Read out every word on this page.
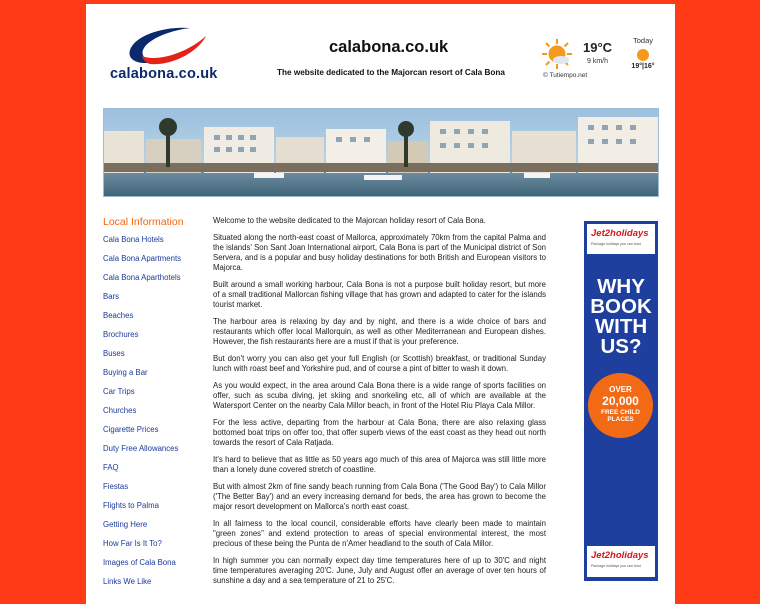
calabona.co.uk
calabona.co.uk
The website dedicated to the Majorcan resort of Cala Bona
19°C
9 km/h
© Tutiempo.net
Today
19°|16°
Local Information
Cala Bona Hotels
Cala Bona Apartments
Cala Bona Aparthotels
Bars
Beaches
Brochures
Buses
Buying a Bar
Car Trips
Churches
Cigarette Prices
Duty Free Allowances
FAQ
Fiestas
Flights to Palma
Getting Here
How Far Is It To?
Images of Cala Bona
Links We Like

Welcome to the website dedicated to the Majorcan holiday resort of Cala Bona.

Situated along the north-east coast of Mallorca, approximately 70km from the capital Palma and the islands' Son Sant Joan International airport, Cala Bona is part of the Municipal district of Son Servera, and is a popular and busy holiday destinations for both British and European visitors to Majorca.

Built around a small working harbour, Cala Bona is not a purpose built holiday resort, but more of a small traditional Mallorcan fishing village that has grown and adapted to cater for the islands tourist market.

The harbour area is relaxing by day and by night, and there is a wide choice of bars and restaurants which offer local Mallorquin, as well as other Mediterranean and European dishes. However, the fish restaurants here are a must if that is your preference.

But don't worry you can also get your full English (or Scottish) breakfast, or traditional Sunday lunch with roast beef and Yorkshire pud, and of course a pint of bitter to wash it down.

As you would expect, in the area around Cala Bona there is a wide range of sports facilities on offer, such as scuba diving, jet skiing and snorkeling etc, all of which are available at the Watersport Center on the nearby Cala Millor beach, in front of the Hotel Riu Playa Cala Millor.

For the less active, departing from the harbour at Cala Bona, there are also relaxing glass bottomed boat trips on offer too, that offer superb views of the east coast as they head out north towards the resort of Cala Ratjada.

It's hard to believe that as little as 50 years ago much of this area of Majorca was still little more than a lonely dune covered stretch of coastline.

But with almost 2km of fine sandy beach running from Cala Bona ('The Good Bay') to Cala Millor ('The Better Bay') and an every increasing demand for beds, the area has grown to become the major resort development on Mallorca's north east coast.

In all fairness to the local council, considerable efforts have clearly been made to maintain "green zones" and extend protection to areas of special environmental interest, the most precious of these being the Punta de n'Amer headland to the south of Cala Millor.

In high summer you can normally expect day time temperatures here of up to 30'C and night time temperatures averaging 20'C. June, July and August offer an average of over ten hours of sunshine a day and a sea temperature of 21 to 25'C.

Jet2holidays
Package holidays you can trust
WHY BOOK WITH US?
OVER
20,000
FREE CHILD PLACES
Jet2holidays
Package holidays you can trust
